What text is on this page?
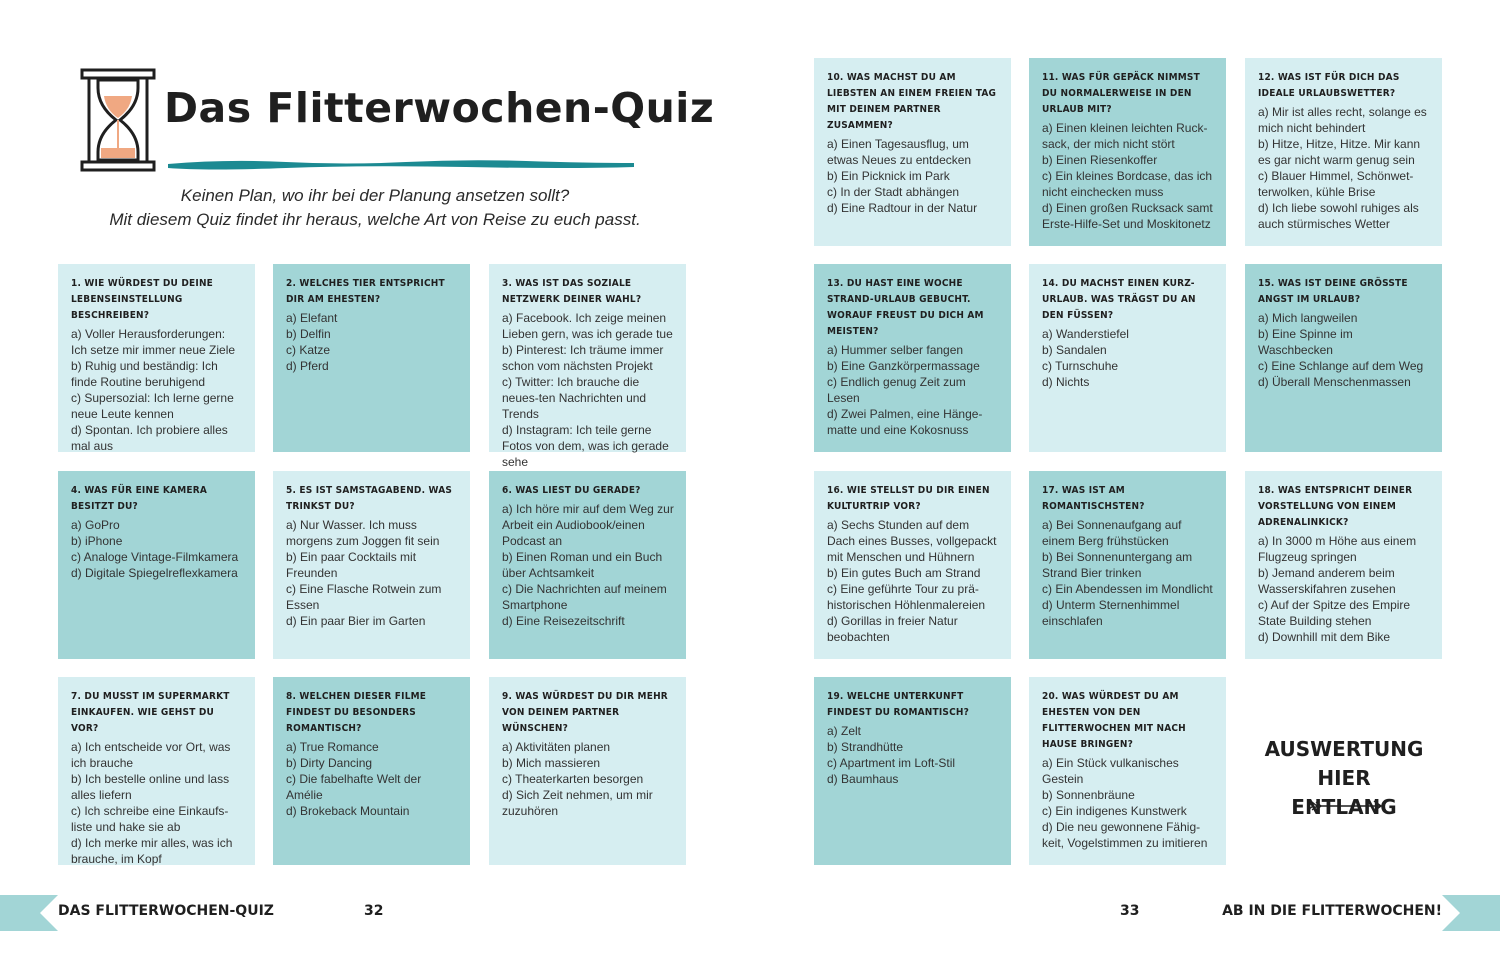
Das Flitterwochen-Quiz
Keinen Plan, wo ihr bei der Planung ansetzen sollt?
Mit diesem Quiz findet ihr heraus, welche Art von Reise zu euch passt.
1. WIE WÜRDEST DU DEINE LEBENSEINSTELLUNG BESCHREIBEN?
a) Voller Herausforderungen: Ich setze mir immer neue Ziele
b) Ruhig und beständig: Ich finde Routine beruhigend
c) Supersozial: Ich lerne gerne neue Leute kennen
d) Spontan. Ich probiere alles mal aus
2. WELCHES TIER ENTSPRICHT DIR AM EHESTEN?
a) Elefant
b) Delfin
c) Katze
d) Pferd
3. WAS IST DAS SOZIALE NETZWERK DEINER WAHL?
a) Facebook. Ich zeige meinen Lieben gern, was ich gerade tue
b) Pinterest: Ich träume immer schon vom nächsten Projekt
c) Twitter: Ich brauche die neues-ten Nachrichten und Trends
d) Instagram: Ich teile gerne Fotos von dem, was ich gerade sehe
4. WAS FÜR EINE KAMERA BESITZT DU?
a) GoPro
b) iPhone
c) Analoge Vintage-Filmkamera
d) Digitale Spiegelreflexkamera
5. ES IST SAMSTAGABEND. WAS TRINKST DU?
a) Nur Wasser. Ich muss morgens zum Joggen fit sein
b) Ein paar Cocktails mit Freunden
c) Eine Flasche Rotwein zum Essen
d) Ein paar Bier im Garten
6. WAS LIEST DU GERADE?
a) Ich höre mir auf dem Weg zur Arbeit ein Audiobook/einen Podcast an
b) Einen Roman und ein Buch über Achtsamkeit
c) Die Nachrichten auf meinem Smartphone
d) Eine Reisezeitschrift
7. DU MUSST IM SUPERMARKT EINKAUFEN. WIE GEHST DU VOR?
a) Ich entscheide vor Ort, was ich brauche
b) Ich bestelle online und lass alles liefern
c) Ich schreibe eine Einkaufs-liste und hake sie ab
d) Ich merke mir alles, was ich brauche, im Kopf
8. WELCHEN DIESER FILME FINDEST DU BESONDERS ROMANTISCH?
a) True Romance
b) Dirty Dancing
c) Die fabelhafte Welt der Amélie
d) Brokeback Mountain
9. WAS WÜRDEST DU DIR MEHR VON DEINEM PARTNER WÜNSCHEN?
a) Aktivitäten planen
b) Mich massieren
c) Theaterkarten besorgen
d) Sich Zeit nehmen, um mir zuzuhören
10. WAS MACHST DU AM LIEBSTEN AN EINEM FREIEN TAG MIT DEINEM PARTNER ZUSAMMEN?
a) Einen Tagesausflug, um etwas Neues zu entdecken
b) Ein Picknick im Park
c) In der Stadt abhängen
d) Eine Radtour in der Natur
11. WAS FÜR GEPÄCK NIMMST DU NORMALERWEISE IN DEN URLAUB MIT?
a) Einen kleinen leichten Ruck-sack, der mich nicht stört
b) Einen Riesenkoffer
c) Ein kleines Bordcase, das ich nicht einchecken muss
d) Einen großen Rucksack samt Erste-Hilfe-Set und Moskitonetz
12. WAS IST FÜR DICH DAS IDEALE URLAUBSWETTER?
a) Mir ist alles recht, solange es mich nicht behindert
b) Hitze, Hitze, Hitze. Mir kann es gar nicht warm genug sein
c) Blauer Himmel, Schönwet-terwolken, kühle Brise
d) Ich liebe sowohl ruhiges als auch stürmisches Wetter
13. DU HAST EINE WOCHE STRAND-URLAUB GEBUCHT. WORAUF FREUST DU DICH AM MEISTEN?
a) Hummer selber fangen
b) Eine Ganzkörpermassage
c) Endlich genug Zeit zum Lesen
d) Zwei Palmen, eine Hänge-matte und eine Kokosnuss
14. DU MACHST EINEN KURZ-URLAUB. WAS TRÄGST DU AN DEN FÜSSEN?
a) Wanderstiefel
b) Sandalen
c) Turnschuhe
d) Nichts
15. WAS IST DEINE GRÖSSTE ANGST IM URLAUB?
a) Mich langweilen
b) Eine Spinne im Waschbecken
c) Eine Schlange auf dem Weg
d) Überall Menschenmassen
16. WIE STELLST DU DIR EINEN KULTURTRIP VOR?
a) Sechs Stunden auf dem Dach eines Busses, vollgepackt mit Menschen und Hühnern
b) Ein gutes Buch am Strand
c) Eine geführte Tour zu prä-historischen Höhlenmalereien
d) Gorillas in freier Natur beobachten
17. WAS IST AM ROMANTISCHSTEN?
a) Bei Sonnenaufgang auf einem Berg frühstücken
b) Bei Sonnenuntergang am Strand Bier trinken
c) Ein Abendessen im Mondlicht
d) Unterm Sternenhimmel einschlafen
18. WAS ENTSPRICHT DEINER VORSTELLUNG VON EINEM ADRENALINKICK?
a) In 3000 m Höhe aus einem Flugzeug springen
b) Jemand anderem beim Wasserskifahren zusehen
c) Auf der Spitze des Empire State Building stehen
d) Downhill mit dem Bike
19. WELCHE UNTERKUNFT FINDEST DU ROMANTISCH?
a) Zelt
b) Strandhütte
c) Apartment im Loft-Stil
d) Baumhaus
20. WAS WÜRDEST DU AM EHESTEN VON DEN FLITTERWOCHEN MIT NACH HAUSE BRINGEN?
a) Ein Stück vulkanisches Gestein
b) Sonnenbräune
c) Ein indigenes Kunstwerk
d) Die neu gewonnene Fähig-keit, Vogelstimmen zu imitieren
AUSWERTUNG
HIER ENTLANG
DAS FLITTERWOCHEN-QUIZ	32	33	AB IN DIE FLITTERWOCHEN!
